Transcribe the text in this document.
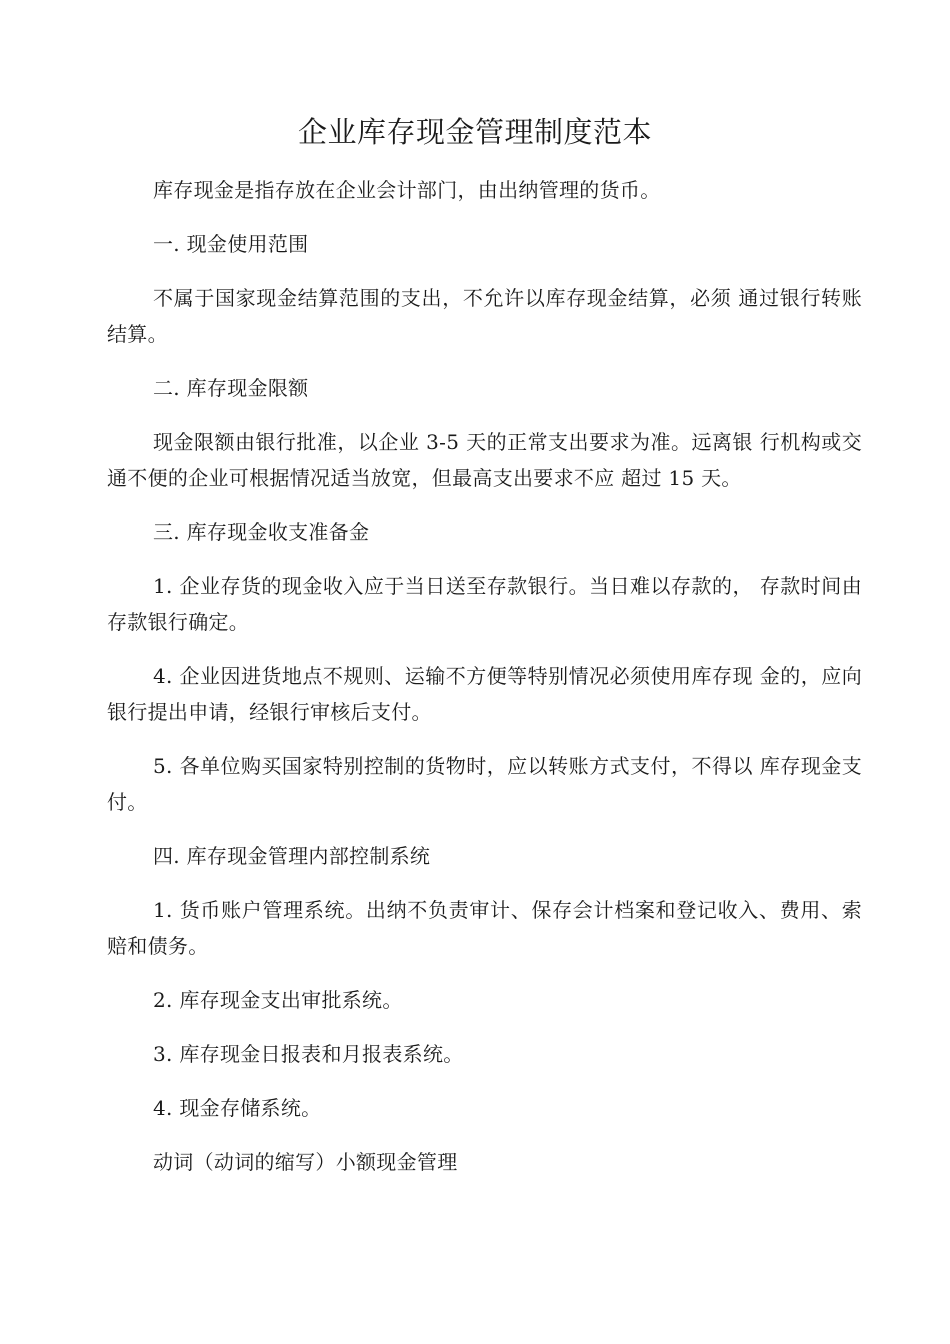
企业库存现金管理制度范本

库存现金是指存放在企业会计部门，由出纳管理的货币。

一. 现金使用范围

不属于国家现金结算范围的支出，不允许以库存现金结算，必须 通过银行转账结算。

二. 库存现金限额

现金限额由银行批准，以企业 3-5 天的正常支出要求为准。远离银 行机构或交通不便的企业可根据情况适当放宽，但最高支出要求不应 超过 15 天。

三. 库存现金收支准备金

1. 企业存货的现金收入应于当日送至存款银行。当日难以存款的， 存款时间由存款银行确定。

4. 企业因进货地点不规则、运输不方便等特别情况必须使用库存现 金的，应向银行提出申请，经银行审核后支付。

5. 各单位购买国家特别控制的货物时，应以转账方式支付，不得以 库存现金支付。

四. 库存现金管理内部控制系统

1. 货币账户管理系统。出纳不负责审计、保存会计档案和登记收入、费用、索赔和债务。

2. 库存现金支出审批系统。

3. 库存现金日报表和月报表系统。

4. 现金存储系统。

动词（动词的缩写）小额现金管理
